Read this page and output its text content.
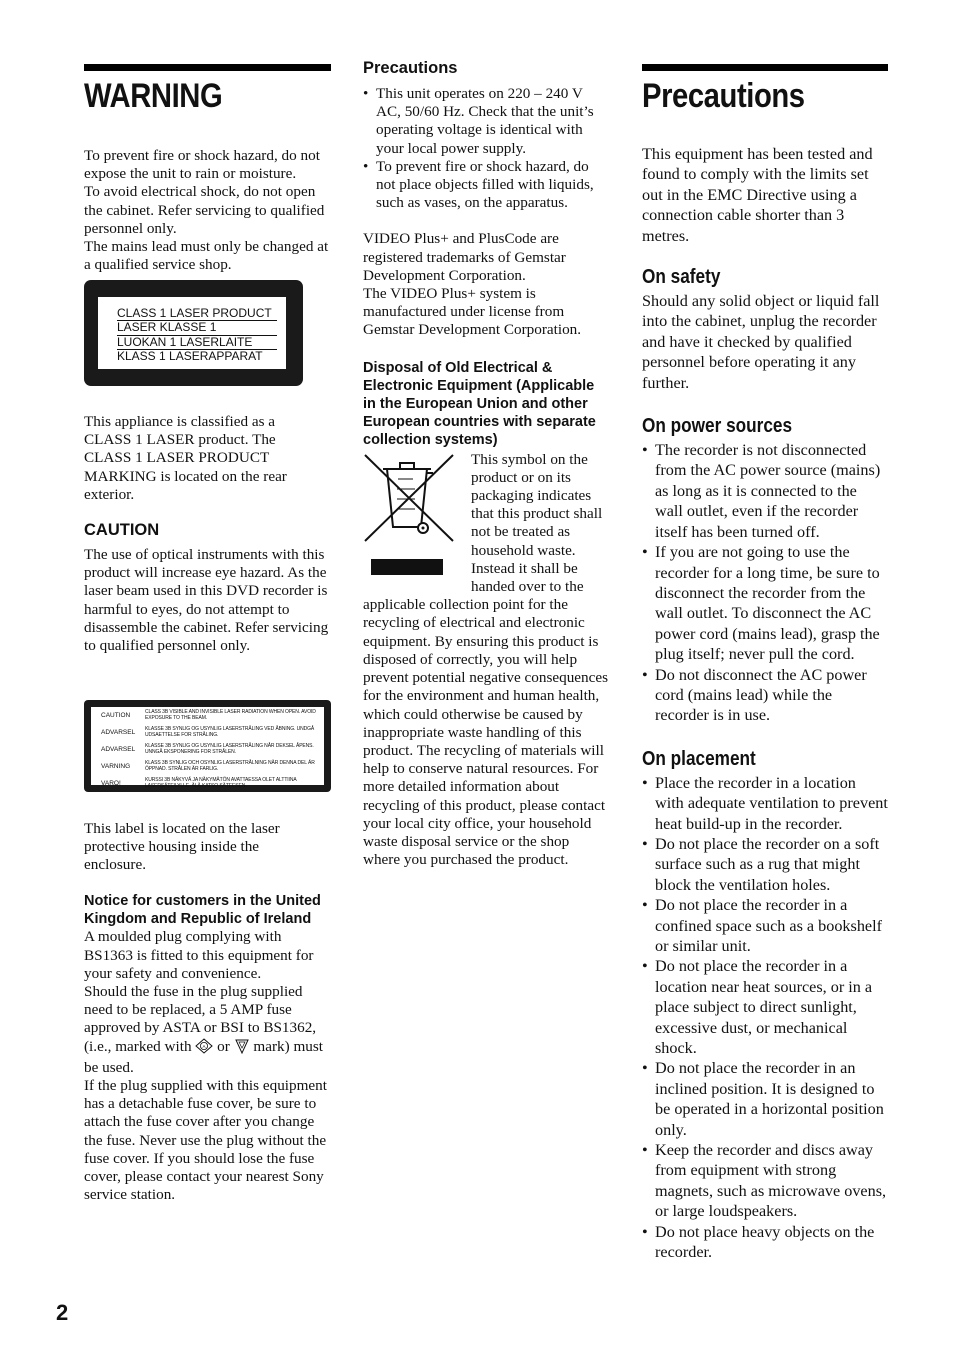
WARNING

To prevent fire or shock hazard, do not expose the unit to rain or moisture.

To avoid electrical shock, do not open the cabinet. Refer servicing to qualified personnel only.

The mains lead must only be changed at a qualified service shop.

CLASS 1 LASER PRODUCT
LASER KLASSE 1
LUOKAN 1 LASERLAITE
KLASS 1 LASERAPPARAT
This appliance is classified as a CLASS 1 LASER product. The CLASS 1 LASER PRODUCT MARKING is located on the rear exterior.
CAUTION

The use of optical instruments with this product will increase eye hazard. As the laser beam used in this DVD recorder is harmful to eyes, do not attempt to disassemble the cabinet. Refer servicing to qualified personnel only.

CAUTION	CLASS 3B VISIBLE AND INVISIBLE LASER RADIATION WHEN OPEN. AVOID EXPOSURE TO THE BEAM.
ADVARSEL	KLASSE 3B SYNLIG OG USYNLIG LASERSTRÅLING VED ÅBNING. UNDGÅ UDSAETTELSE FOR STRÅLING.
ADVARSEL	KLASSE 3B SYNLIG OG USYNLIG LASERSTRÅLING NÅR DEKSEL ÅPENS. UNNGÅ EKSPONERING FOR STRÅLEN.
VARNING	KLASS 3B SYNLIG OCH OSYNLIG LASERSTRÅLNING NÄR DENNA DEL ÄR ÖPPNAD. STRÅLEN ÄR FARLIG.
VARO!	KURSSI 3B NÄKYVÄ JA NÄKYMÄTÖN AVATTAESSA OLET ALTTIINA LASERSÄTEILYLLE. ÄLÄ KATSO SÄTEESEN.
This label is located on the laser protective housing inside the enclosure.
Notice for customers in the United Kingdom and Republic of Ireland

A moulded plug complying with BS1363 is fitted to this equipment for your safety and convenience.

Should the fuse in the plug supplied need to be replaced, a 5 AMP fuse approved by ASTA or BSI to BS1362, (i.e., marked with	A or mark) must be used.

If the plug supplied with this equipment has a detachable fuse cover, be sure to attach the fuse cover after you change the fuse. Never use the plug without the fuse cover. If you should lose the fuse cover, please contact your nearest Sony service station.

Precautions
• This unit operates on 220 – 240 V AC, 50/60 Hz. Check that the unit’s operating voltage is identical with your local power supply.
• To prevent fire or shock hazard, do not place objects filled with liquids, such as vases, on the apparatus.

VIDEO Plus+ and PlusCode are registered trademarks of Gemstar Development Corporation.

The VIDEO Plus+ system is manufactured under license from Gemstar Development Corporation.

Disposal of Old Electrical & Electronic Equipment (Applicable in the European Union and other European countries with separate collection systems)

This symbol on the product or on its packaging indicates that this product shall not be treated as household waste. Instead it shall be handed over to the applicable collection point for the recycling of electrical and electronic equipment. By ensuring this product is disposed of correctly, you will help prevent potential negative consequences for the environment and human health, which could otherwise be caused by inappropriate waste handling of this product. The recycling of materials will help to conserve natural resources. For more detailed information about recycling of this product, please contact your local city office, your household waste disposal service or the shop where you purchased the product.

Precautions

This equipment has been tested and found to comply with the limits set out in the EMC Directive using a connection cable shorter than 3 metres.

On safety

Should any solid object or liquid fall into the cabinet, unplug the recorder and have it checked by qualified personnel before operating it any further.

On power sources
• The recorder is not disconnected from the AC power source (mains) as long as it is connected to the wall outlet, even if the recorder itself has been turned off.
• If you are not going to use the recorder for a long time, be sure to disconnect the recorder from the wall outlet. To disconnect the AC power cord (mains lead), grasp the plug itself; never pull the cord.
• Do not disconnect the AC power cord (mains lead) while the recorder is in use.
On placement
• Place the recorder in a location with adequate ventilation to prevent heat build-up in the recorder.
• Do not place the recorder on a soft surface such as a rug that might block the ventilation holes.
• Do not place the recorder in a confined space such as a bookshelf or similar unit.
• Do not place the recorder in a location near heat sources, or in a place subject to direct sunlight, excessive dust, or mechanical shock.
• Do not place the recorder in an inclined position. It is designed to be operated in a horizontal position only.
• Keep the recorder and discs away from equipment with strong magnets, such as microwave ovens, or large loudspeakers.
• Do not place heavy objects on the recorder.
2
